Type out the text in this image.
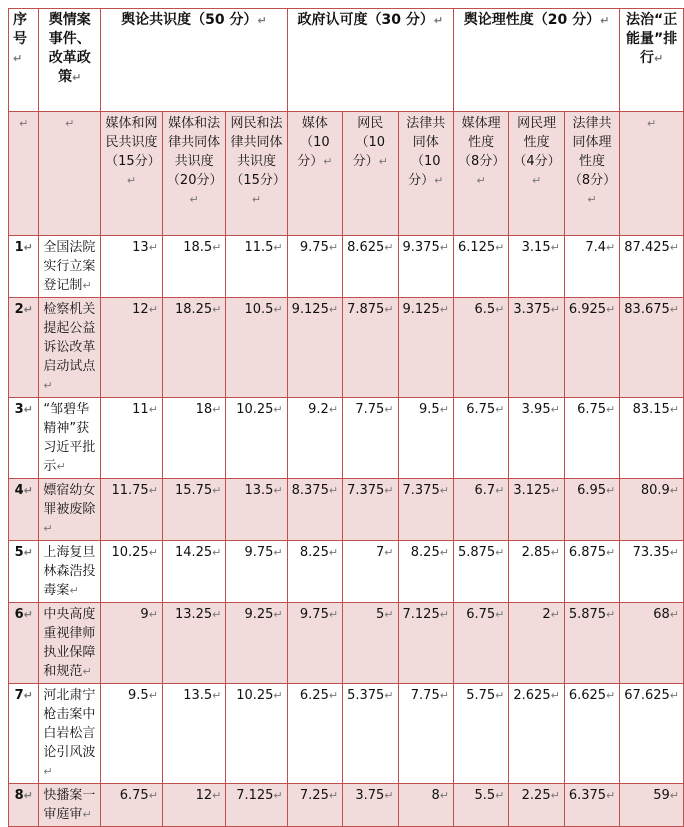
序号↵	舆情案事件、改革政策↵	舆论共识度（50 分）↵			政府认可度（30 分）↵			舆论理性度（20 分）↵			法治“正能量”排行↵
↵	↵	媒体和网民共识度（15分）↵	媒体和法律共同体共识度（20分）↵	网民和法律共同体共识度（15分）↵	媒体（10分）↵	网民（10分）↵	法律共同体（10分）↵	媒体理性度（8分）↵	网民理性度（4分）↵	法律共同体理性度（8分）↵	↵
1↵	全国法院实行立案登记制↵	13↵	18.5↵	11.5↵	9.75↵	8.625↵	9.375↵	6.125↵	3.15↵	7.4↵	87.425↵
2↵	检察机关提起公益诉讼改革启动试点↵	12↵	18.25↵	10.5↵	9.125↵	7.875↵	9.125↵	6.5↵	3.375↵	6.925↵	83.675↵
3↵	“邹碧华精神”获习近平批示↵	11↵	18↵	10.25↵	9.2↵	7.75↵	9.5↵	6.75↵	3.95↵	6.75↵	83.15↵
4↵	嫖宿幼女罪被废除↵	11.75↵	15.75↵	13.5↵	8.375↵	7.375↵	7.375↵	6.7↵	3.125↵	6.95↵	80.9↵
5↵	上海复旦林森浩投毒案↵	10.25↵	14.25↵	9.75↵	8.25↵	7↵	8.25↵	5.875↵	2.85↵	6.875↵	73.35↵
6↵	中央高度重视律师执业保障和规范↵	9↵	13.25↵	9.25↵	9.75↵	5↵	7.125↵	6.75↵	2↵	5.875↵	68↵
7↵	河北肃宁枪击案中白岩松言论引风波↵	9.5↵	13.5↵	10.25↵	6.25↵	5.375↵	7.75↵	5.75↵	2.625↵	6.625↵	67.625↵
8↵	快播案一审庭审↵	6.75↵	12↵	7.125↵	7.25↵	3.75↵	8↵	5.5↵	2.25↵	6.375↵	59↵
